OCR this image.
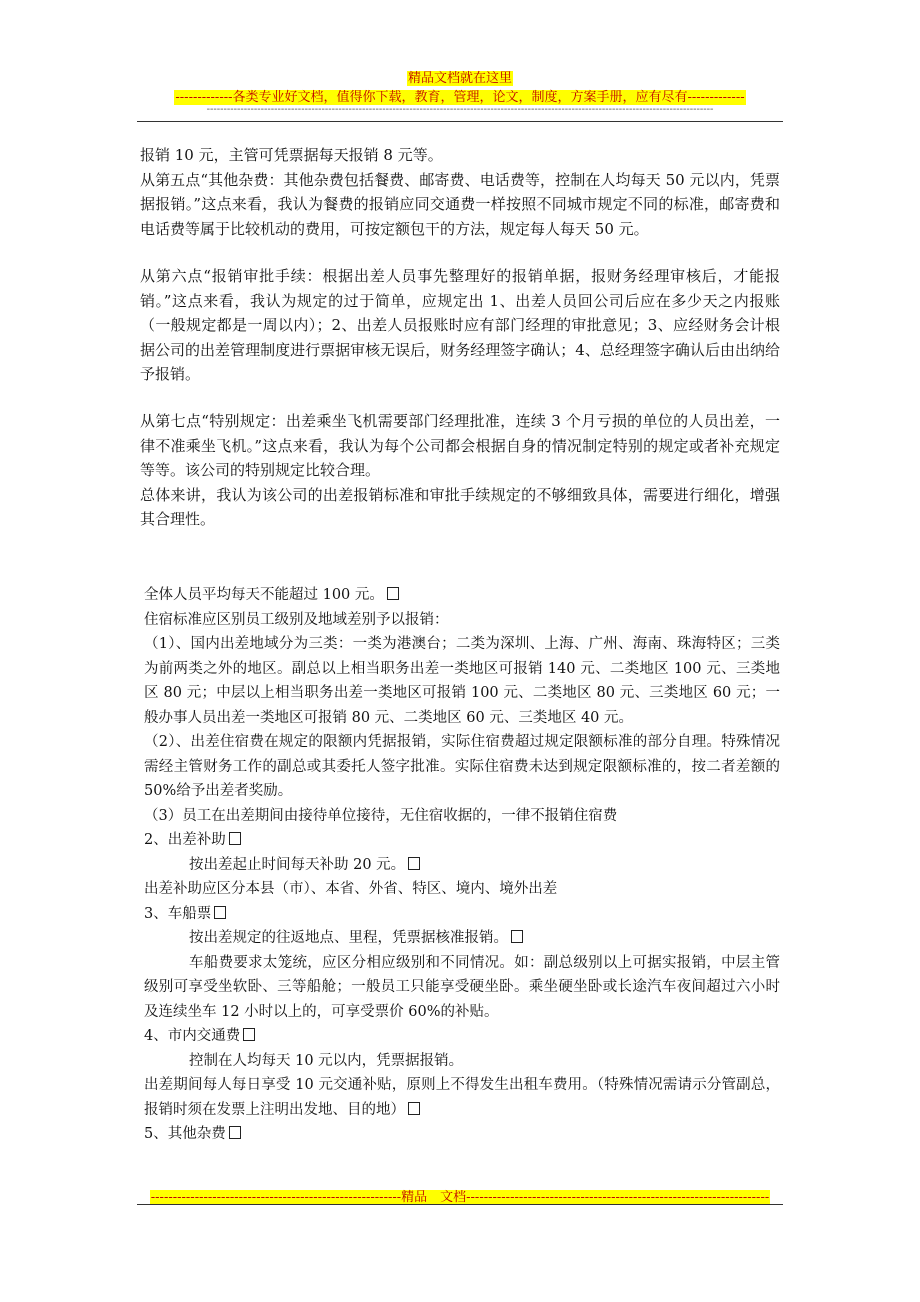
精品文档就在这里
-------------各类专业好文档，值得你下载，教育，管理，论文，制度，方案手册，应有尽有-------------
------------------------------------------------------------------------------------------------------------------------------------------------------

报销 10 元，主管可凭票据每天报销 8 元等。

从第五点“其他杂费：其他杂费包括餐费、邮寄费、电话费等，控制在人均每天 50 元以内，凭票据报销。”这点来看，我认为餐费的报销应同交通费一样按照不同城市规定不同的标准，邮寄费和电话费等属于比较机动的费用，可按定额包干的方法，规定每人每天 50 元。

从第六点“报销审批手续：根据出差人员事先整理好的报销单据，报财务经理审核后，才能报销。”这点来看，我认为规定的过于简单，应规定出 1、出差人员回公司后应在多少天之内报账（一般规定都是一周以内）；2、出差人员报账时应有部门经理的审批意见；3、应经财务会计根据公司的出差管理制度进行票据审核无误后，财务经理签字确认；4、总经理签字确认后由出纳给予报销。

从第七点“特别规定：出差乘坐飞机需要部门经理批准，连续 3 个月亏损的单位的人员出差，一律不准乘坐飞机。”这点来看，我认为每个公司都会根据自身的情况制定特别的规定或者补充规定等等。该公司的特别规定比较合理。

总体来讲，我认为该公司的出差报销标准和审批手续规定的不够细致具体，需要进行细化，增强其合理性。

全体人员平均每天不能超过 100 元。

住宿标准应区别员工级别及地域差别予以报销：

（1）、国内出差地域分为三类：一类为港澳台；二类为深圳、上海、广州、海南、珠海特区；三类为前两类之外的地区。副总以上相当职务出差一类地区可报销 140 元、二类地区 100 元、三类地区 80 元；中层以上相当职务出差一类地区可报销 100 元、二类地区 80 元、三类地区 60 元；一般办事人员出差一类地区可报销 80 元、二类地区 60 元、三类地区 40 元。

（2）、出差住宿费在规定的限额内凭据报销，实际住宿费超过规定限额标准的部分自理。特殊情况需经主管财务工作的副总或其委托人签字批准。实际住宿费未达到规定限额标准的，按二者差额的 50%给予出差者奖励。

（3）员工在出差期间由接待单位接待，无住宿收据的，一律不报销住宿费

2、出差补助

按出差起止时间每天补助 20 元。

出差补助应区分本县（市）、本省、外省、特区、境内、境外出差

3、车船票

按出差规定的往返地点、里程，凭票据核准报销。

车船费要求太笼统，应区分相应级别和不同情况。如：副总级别以上可据实报销，中层主管级别可享受坐软卧、三等船舱；一般员工只能享受硬坐卧。乘坐硬坐卧或长途汽车夜间超过六小时及连续坐车 12 小时以上的，可享受票价 60%的补贴。

4、市内交通费

控制在人均每天 10 元以内，凭票据报销。

出差期间每人每日享受 10 元交通补贴，原则上不得发生出租车费用。（特殊情况需请示分管副总，报销时须在发票上注明出发地、目的地）

5、其他杂费

---------------------------------------------------------精品　文档---------------------------------------------------------------------
